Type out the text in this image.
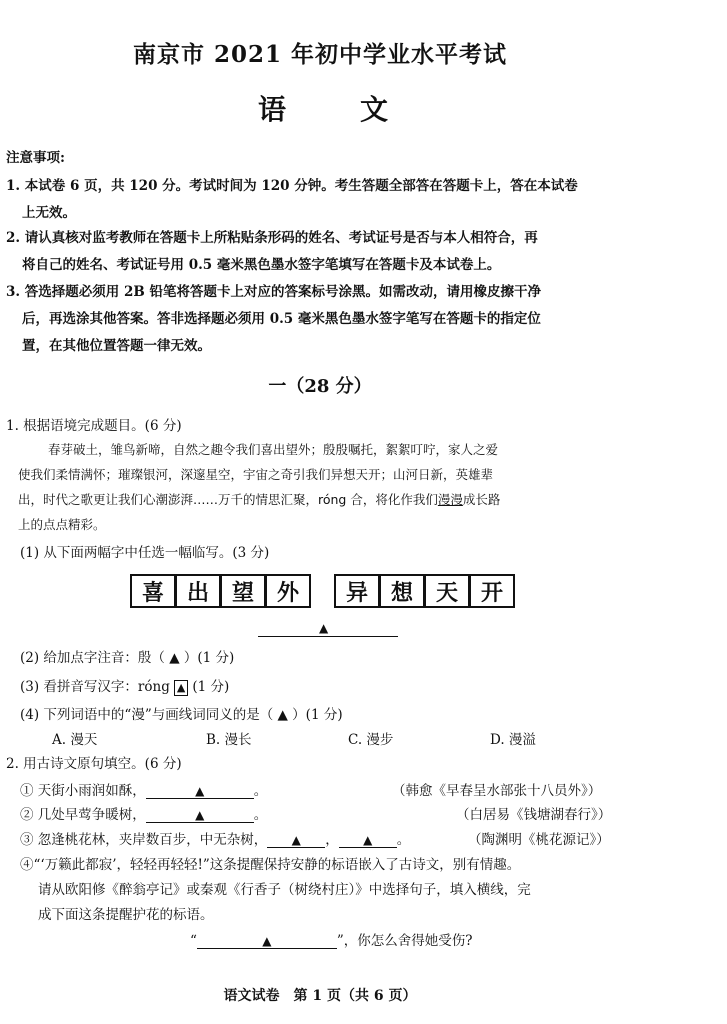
南京市 2021 年初中学业水平考试
语	文
注意事项:
1. 本试卷 6 页，共 120 分。考试时间为 120 分钟。考生答题全部答在答题卡上，答在本试卷
上无效。
2. 请认真核对监考教师在答题卡上所粘贴条形码的姓名、考试证号是否与本人相符合，再
将自己的姓名、考试证号用 0.5 毫米黑色墨水签字笔填写在答题卡及本试卷上。
3. 答选择题必须用 2B 铅笔将答题卡上对应的答案标号涂黑。如需改动，请用橡皮擦干净
后，再选涂其他答案。答非选择题必须用 0.5 毫米黑色墨水签字笔写在答题卡的指定位
置，在其他位置答题一律无效。
一（28 分）
1. 根据语境完成题目。(6 分)
春芽破土，雏鸟新啼，自然之趣令我们喜出望外；殷殷嘱托，絮絮叮咛，家人之爱
使我们柔情满怀；璀璨银河，深邃星空，宇宙之奇引我们异想天开；山河日新，英雄辈
出，时代之歌更让我们心潮澎湃……万千的情思汇聚，róng 合，将化作我们漫漫成长路
上的点点精彩。
(1) 从下面两幅字中任选一幅临写。(3 分)
喜	出	望	外	异	想	天	开
▲
(2) 给加点字注音：殷（ ▲ ）(1 分)
(3) 看拼音写汉字：róng ▲ (1 分)
(4) 下列词语中的“漫”与画线词同义的是（ ▲ ）(1 分)
A. 漫天	B. 漫长	C. 漫步	D. 漫溢
2. 用古诗文原句填空。(6 分)
① 天街小雨润如酥，	▲	。	（韩愈《早春呈水部张十八员外》）
② 几处早莺争暖树，	▲	。	（白居易《钱塘湖春行》）
③ 忽逢桃花林，夹岸数百步，中无杂树， ▲ ， ▲ 。	（陶渊明《桃花源记》）
④“‘万籁此都寂’，轻轻再轻轻!”这条提醒保持安静的标语嵌入了古诗文，别有情趣。
请从欧阳修《醉翁亭记》或秦观《行香子（树绕村庄）》中选择句子，填入横线，完
成下面这条提醒护花的标语。
“	▲	”，你怎么舍得她受伤?
语文试卷　第 1 页（共 6 页）
